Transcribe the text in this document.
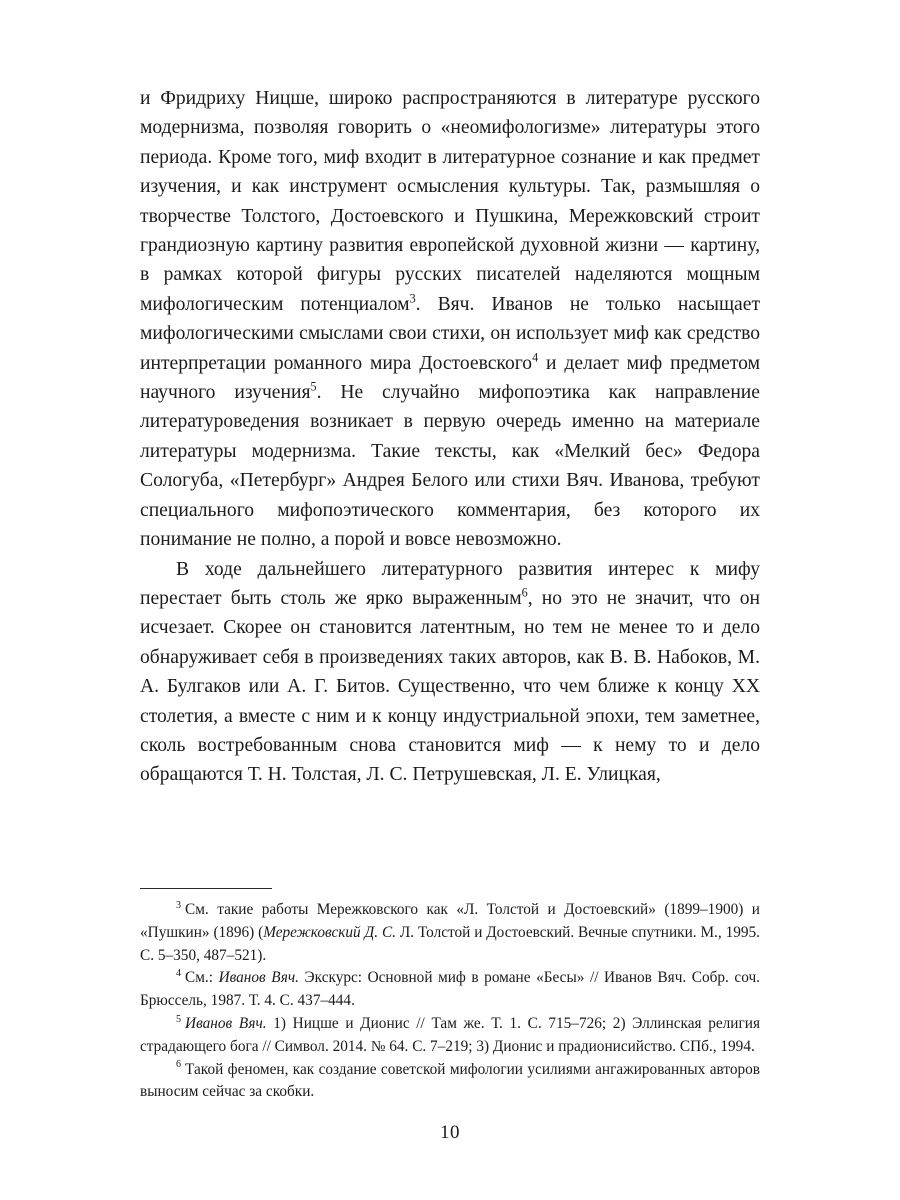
и Фридриху Ницше, широко распространяются в литературе русского модернизма, позволяя говорить о «неомифологизме» литературы этого периода. Кроме того, миф входит в литературное сознание и как предмет изучения, и как инструмент осмысления культуры. Так, размышляя о творчестве Толстого, Достоевского и Пушкина, Мережковский строит грандиозную картину развития европейской духовной жизни — картину, в рамках которой фигуры русских писателей наделяются мощным мифологическим потенциалом$^3$. Вяч. Иванов не только насыщает мифологическими смыслами свои стихи, он использует миф как средство интерпретации романного мира Достоевского$^4$ и делает миф предметом научного изучения$^5$. Не случайно мифопоэтика как направление литературоведения возникает в первую очередь именно на материале литературы модернизма. Такие тексты, как «Мелкий бес» Федора Сологуба, «Петербург» Андрея Белого или стихи Вяч. Иванова, требуют специального мифопоэтического комментария, без которого их понимание не полно, а порой и вовсе невозможно.

В ходе дальнейшего литературного развития интерес к мифу перестает быть столь же ярко выраженным$^6$, но это не значит, что он исчезает. Скорее он становится латентным, но тем не менее то и дело обнаруживает себя в произведениях таких авторов, как В. В. Набоков, М. А. Булгаков или А. Г. Битов. Существенно, что чем ближе к концу XX столетия, а вместе с ним и к концу индустриальной эпохи, тем заметнее, сколь востребованным снова становится миф — к нему то и дело обращаются Т. Н. Толстая, Л. С. Петрушевская, Л. Е. Улицкая,

$^3$ См. такие работы Мережковского как «Л. Толстой и Достоевский» (1899–1900) и «Пушкин» (1896) (Мережковский Д. С. Л. Толстой и Достоевский. Вечные спутники. М., 1995. С. 5–350, 487–521).

$^4$ См.: Иванов Вяч. Экскурс: Основной миф в романе «Бесы» // Иванов Вяч. Собр. соч. Брюссель, 1987. Т. 4. С. 437–444.

$^5$ Иванов Вяч. 1) Ницше и Дионис // Там же. Т. 1. С. 715–726; 2) Эллинская религия страдающего бога // Символ. 2014. № 64. С. 7–219; 3) Дионис и прадионисийство. СПб., 1994.

$^6$ Такой феномен, как создание советской мифологии усилиями ангажированных авторов выносим сейчас за скобки.

10
